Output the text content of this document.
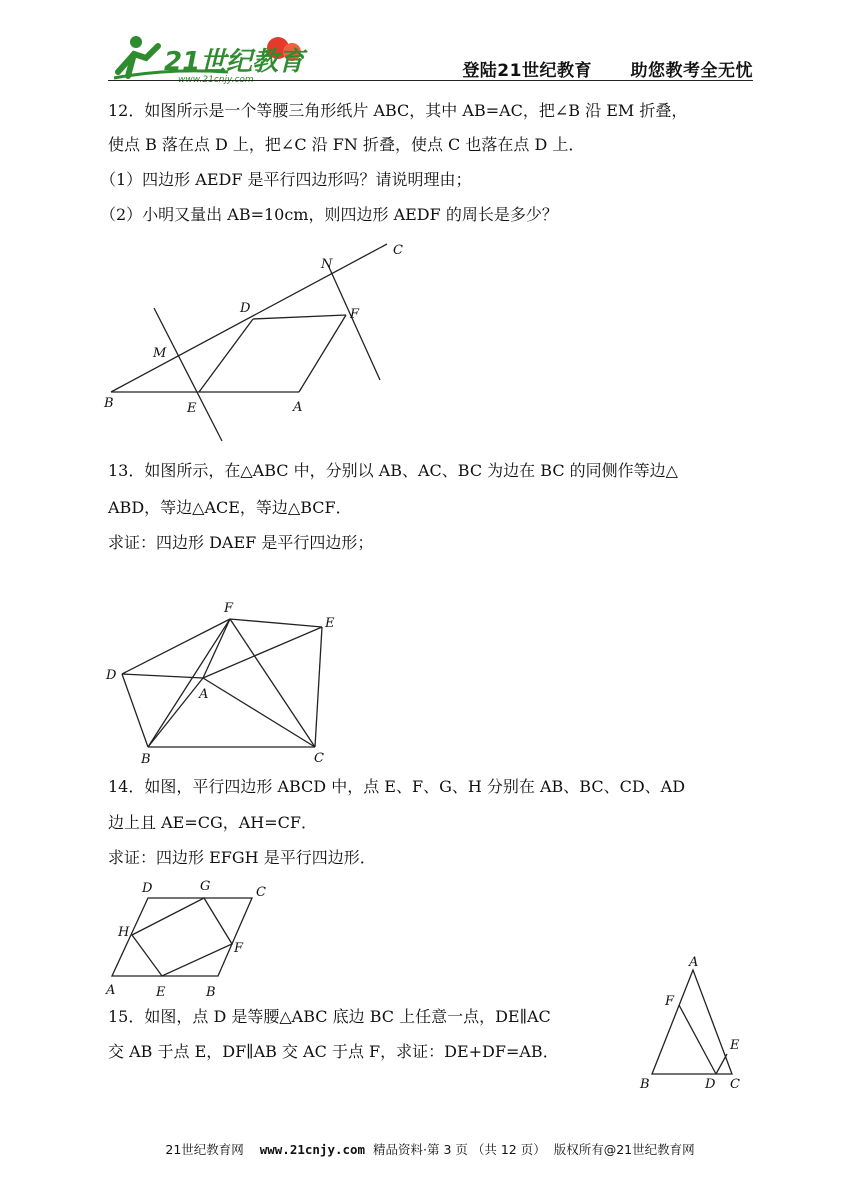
21世纪教育
www.21cnjy.com	登陆21世纪教育 助您教考全无忧
12．如图所示是一个等腰三角形纸片 ABC，其中 AB=AC，把∠B 沿 EM 折叠，
使点 B 落在点 D 上，把∠C 沿 FN 折叠，使点 C 也落在点 D 上．
（1）四边形 AEDF 是平行四边形吗？请说明理由；
（2）小明又量出 AB=10cm，则四边形 AEDF 的周长是多少？
B	E	A
M
D
N
C
F
13．如图所示，在△ABC 中，分别以 AB、AC、BC 为边在 BC 的同侧作等边△
ABD，等边△ACE，等边△BCF．
求证：四边形 DAEF 是平行四边形；
F
E
D
A
B	C
14．如图，平行四边形 ABCD 中，点 E、F、G、H 分别在 AB、BC、CD、AD
边上且 AE=CG，AH=CF．
求证：四边形 EFGH 是平行四边形．
D	G	C
H
F
A	E	B
15．如图，点 D 是等腰△ABC 底边 BC 上任意一点，DE∥AC
交 AB 于点 E，DF∥AB 交 AC 于点 F，求证：DE+DF=AB．
A
F
E
B	D C
21世纪教育网 www.21cnjy.com 精品资料·第 3 页 （共 12 页） 版权所有@21世纪教育网
